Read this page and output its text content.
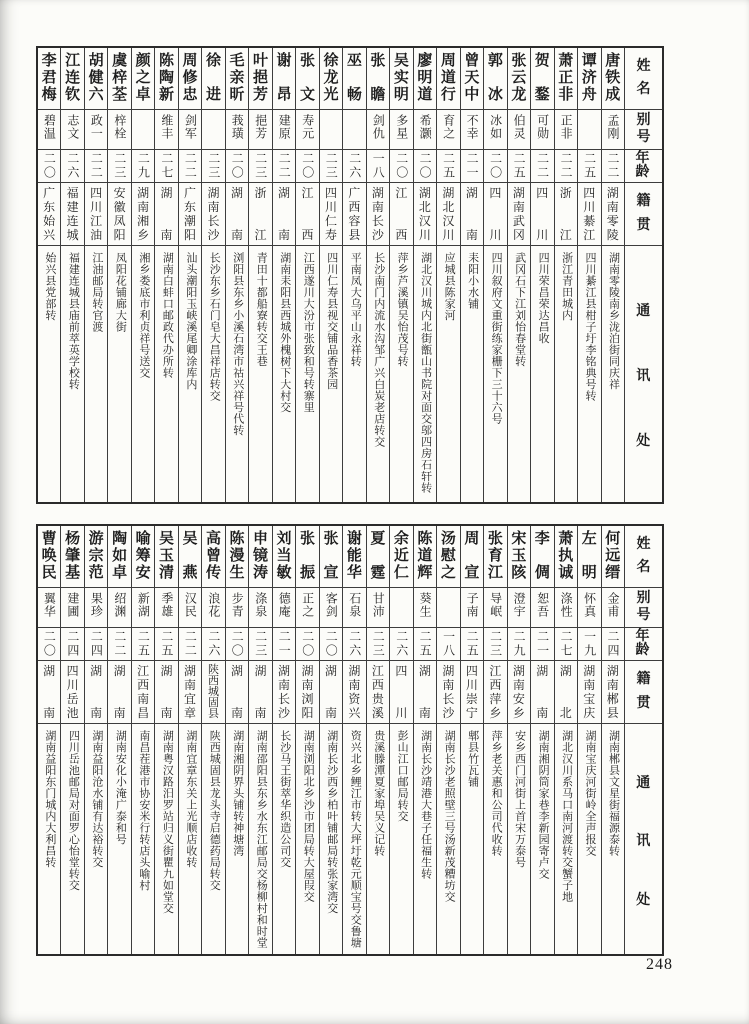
姓
名
别
号
年
龄
籍
贯
通
讯
处
唐
铁
成
孟刚
二二
湖
南
零
陵
湖南零陵南乡泷泊街同庆祥
谭
济
舟
二五
四
川
綦
江
四川綦江县柑子圩李铭典号转
萧
正
非
正非
二二
浙
江
浙江青田城内
贺
鍪
可勋
二二
四
川
四川荣昌荣达昌收
张
云
龙
伯灵
二五
湖
南
武
冈
武冈石下江刘怡春堂转
郭
冰
冰如
二〇
四
川
四川叙府文重街练家栅下三十六号
曾
天
中
不幸
二一
湖
南
耒阳小水铺
周
道
行
育之
二五
湖
北
汉
川
应城县陈家河
廖
明
道
希灏
二〇
湖
北
汉
川
湖北汉川城内北街甑山书院对面交邬四房石轩转
吴
实
明
多星
二〇
江
西
萍乡芦溪镇吴怡茂号转
张
瞻
剑仇
一八
湖
南
长
沙
长沙南门内流水沟邹广兴白炭老店转交
巫
畅
二六
广
西
容
县
平南凤大乌平山永祥转
徐
龙
光
二三
四
川
仁
寿
四川仁寿县视交铺品香茶园
张
文
寿元
二〇
江
西
江西遂川大汾市张致和号转寨里
谢
昂
建原
二二
湖
南
湖南耒阳县西城外槐树下大村交
叶
挹
芳
挹芳
二三
浙
江
青田十都船寮转交王巷
毛
亲
昕
莪璜
二〇
湖
南
浏阳县东乡小溪石湾市祜兴祥号代转
徐
进
二三
湖
南
长
沙
长沙东乡石门皂大昌祥店转交
周
修
忠
剑军
二二
广
东
潮
阳
汕头潮阳玉峡溪尾卿涂库内
陈
陶
新
维丰
二七
湖
南
湖南白蚌口邮政代办所转
颜
之
卓
二九
湖
南
湘
乡
湘乡娄底市利贞祥号送交
虞
梓
荃
梓栓
二三
安
徽
凤
阳
凤阳花铺廊大街
胡
健
六
政一
二二
四
川
江
油
江油邮局转官渡
江
连
钦
志文
二六
福
建
连
城
福建连城县庙前萃英学校转
李
君
梅
碧温
二〇
广
东
始
兴
始兴县党部转
姓
名
别
号
年
龄
籍
贯
通
讯
处
何
远
缙
金甫
二四
湖
南
郴
县
湖南郴县文星街福源泰转
左
明
怀真
一九
湖
南
宝
庆
湖南宝庆河街岭全声报交
萧
执
诚
涤性
二七
湖
北
湖北汉川系马口南河渡转交蟹子地
李
倜
恕吾
二一
湖
南
湖南湘阴筒家巷李新园寄卢交
宋
玉
陔
澄宇
二九
湖
南
安
乡
安乡西门河街上首宋万泰号
张
育
江
导岷
二三
江
西
萍
乡
萍乡老关惠和公司代收转
周
宣
子南
二五
四
川
崇
宁
郫县竹瓦铺
汤
慰
之
一八
湖
南
长
沙
湖南长沙老照壁三号汤新茂糟坊交
陈
道
辉
葵生
二五
湖
南
湖南长沙靖港大巷子任福生转
余
近
仁
二六
四
川
彭山江口邮局转交
夏
霆
甘沛
二三
江
西
贵
溪
贵溪滕潭夏家埠吴义记转
谢
能
华
石泉
二六
湖
南
资
兴
资兴北乡鲤江市转大坪圩乾元顺宝号交鲁塘
张
宣
客剑
二〇
湖
南
湖南长沙西乡柏叶铺邮局转张家湾交
张
振
正之
二〇
湖
南
浏
阳
湖南浏阳北乡沙市团局转大屋叚交
刘
当
敏
德庵
二一
湖
南
长
沙
长沙马王街萃华织造公司交
申
镜
涛
涤泉
二三
湖
南
湖南邵阳县东乡水东江邮局交杨柳村和时堂
陈
漫
生
步青
二〇
湖
南
湖南湘阴界头铺转神塘湾
高
曾
传
浪花
二六
陕
西
城
固
县
陕西城固县龙头寺启德药局转交
吴
燕
汉民
二二
湖
南
宜
章
湖南宜章东关上光顺店收转
吴
玉
清
季雄
二五
湖
南
湖南粤汉路汨罗站归义街瞿九如堂交
喻
筹
安
新湖
二五
江
西
南
昌
南昌茬港市协安米行转店头喻村
陶
如
卓
绍渊
二二
湖
南
湖南安化小淹广泰和号
游
宗
范
果珍
二四
湖
南
湖南益阳沧水铺有达裕转交
杨
肇
基
建圃
二四
四
川
岳
池
四川岳池邮局对面罗心怡堂转交
曹
唤
民
翼华
二〇
湖
南
湖南益阳东门城内大利昌转
248
